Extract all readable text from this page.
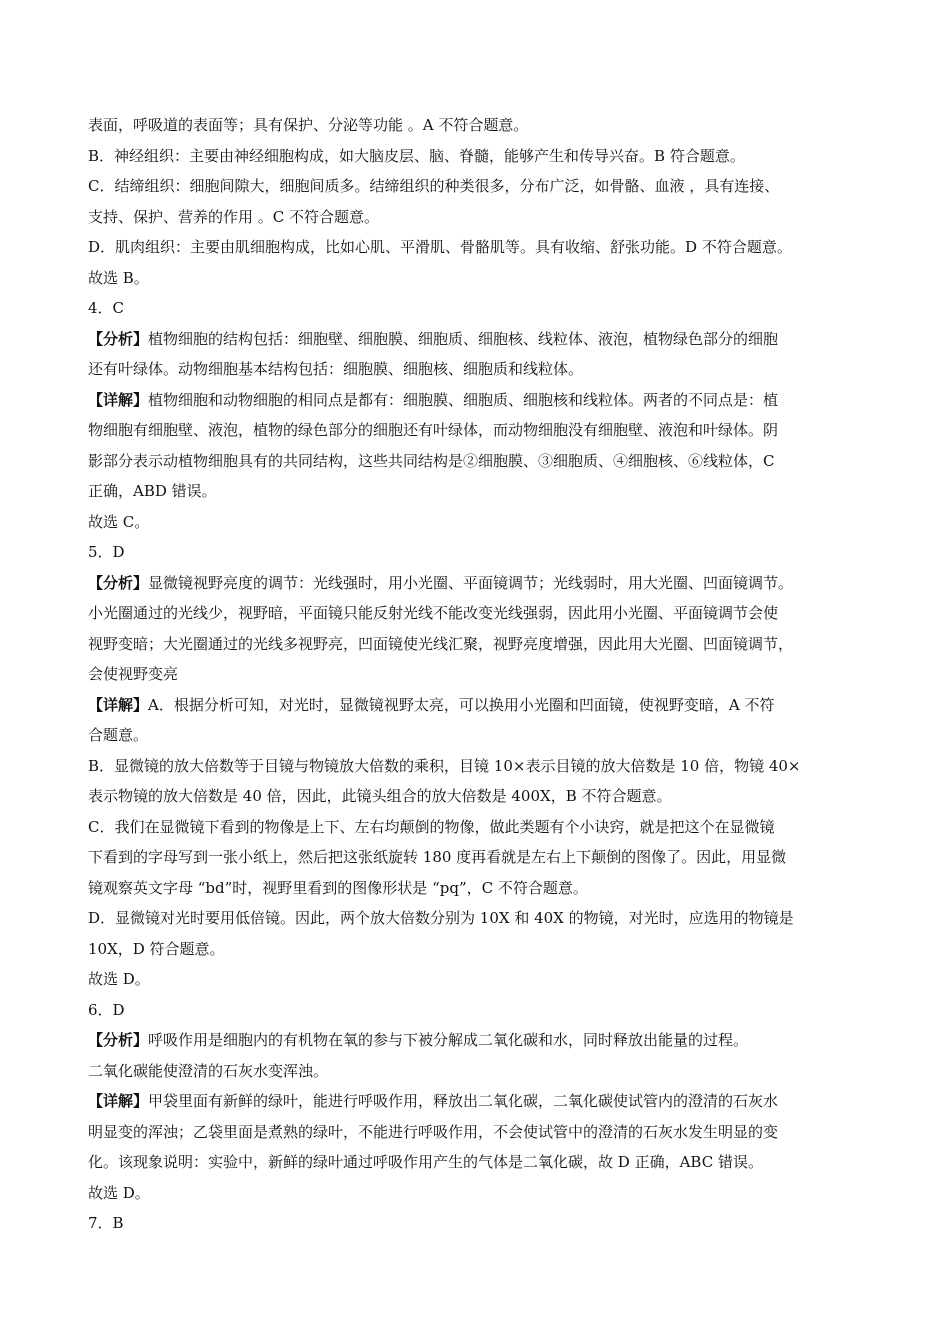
表面，呼吸道的表面等；具有保护、分泌等功能 。A 不符合题意。
B．神经组织：主要由神经细胞构成，如大脑皮层、脑、脊髓，能够产生和传导兴奋。B 符合题意。
C．结缔组织：细胞间隙大，细胞间质多。结缔组织的种类很多，分布广泛，如骨骼、血液 ，具有连接、
支持、保护、营养的作用 。C 不符合题意。
D．肌肉组织：主要由肌细胞构成，比如心肌、平滑肌、骨骼肌等。具有收缩、舒张功能。D 不符合题意。
故选 B。
4．C
【分析】植物细胞的结构包括：细胞壁、细胞膜、细胞质、细胞核、线粒体、液泡，植物绿色部分的细胞
还有叶绿体。动物细胞基本结构包括：细胞膜、细胞核、细胞质和线粒体。
【详解】植物细胞和动物细胞的相同点是都有：细胞膜、细胞质、细胞核和线粒体。两者的不同点是：植
物细胞有细胞壁、液泡，植物的绿色部分的细胞还有叶绿体，而动物细胞没有细胞壁、液泡和叶绿体。阴
影部分表示动植物细胞具有的共同结构，这些共同结构是②细胞膜、③细胞质、④细胞核、⑥线粒体，C
正确，ABD 错误。
故选 C。
5．D
【分析】显微镜视野亮度的调节：光线强时，用小光圈、平面镜调节；光线弱时，用大光圈、凹面镜调节。
小光圈通过的光线少，视野暗，平面镜只能反射光线不能改变光线强弱，因此用小光圈、平面镜调节会使
视野变暗；大光圈通过的光线多视野亮，凹面镜使光线汇聚，视野亮度增强，因此用大光圈、凹面镜调节，
会使视野变亮
【详解】A．根据分析可知，对光时，显微镜视野太亮，可以换用小光圈和凹面镜，使视野变暗，A 不符
合题意。
B．显微镜的放大倍数等于目镜与物镜放大倍数的乘积，目镜 10×表示目镜的放大倍数是 10 倍，物镜 40×
表示物镜的放大倍数是 40 倍，因此，此镜头组合的放大倍数是 400X，B 不符合题意。
C．我们在显微镜下看到的物像是上下、左右均颠倒的物像，做此类题有个小诀窍，就是把这个在显微镜
下看到的字母写到一张小纸上，然后把这张纸旋转 180 度再看就是左右上下颠倒的图像了。因此，用显微
镜观察英文字母 “bd”时，视野里看到的图像形状是 “pq”，C 不符合题意。
D．显微镜对光时要用低倍镜。因此，两个放大倍数分别为 10X 和 40X 的物镜，对光时，应选用的物镜是
10X，D 符合题意。
故选 D。
6．D
【分析】呼吸作用是细胞内的有机物在氧的参与下被分解成二氧化碳和水，同时释放出能量的过程。
二氧化碳能使澄清的石灰水变浑浊。
【详解】甲袋里面有新鲜的绿叶，能进行呼吸作用，释放出二氧化碳，二氧化碳使试管内的澄清的石灰水
明显变的浑浊；乙袋里面是煮熟的绿叶，不能进行呼吸作用，不会使试管中的澄清的石灰水发生明显的变
化。该现象说明：实验中，新鲜的绿叶通过呼吸作用产生的气体是二氧化碳，故 D 正确，ABC 错误。
故选 D。
7．B
